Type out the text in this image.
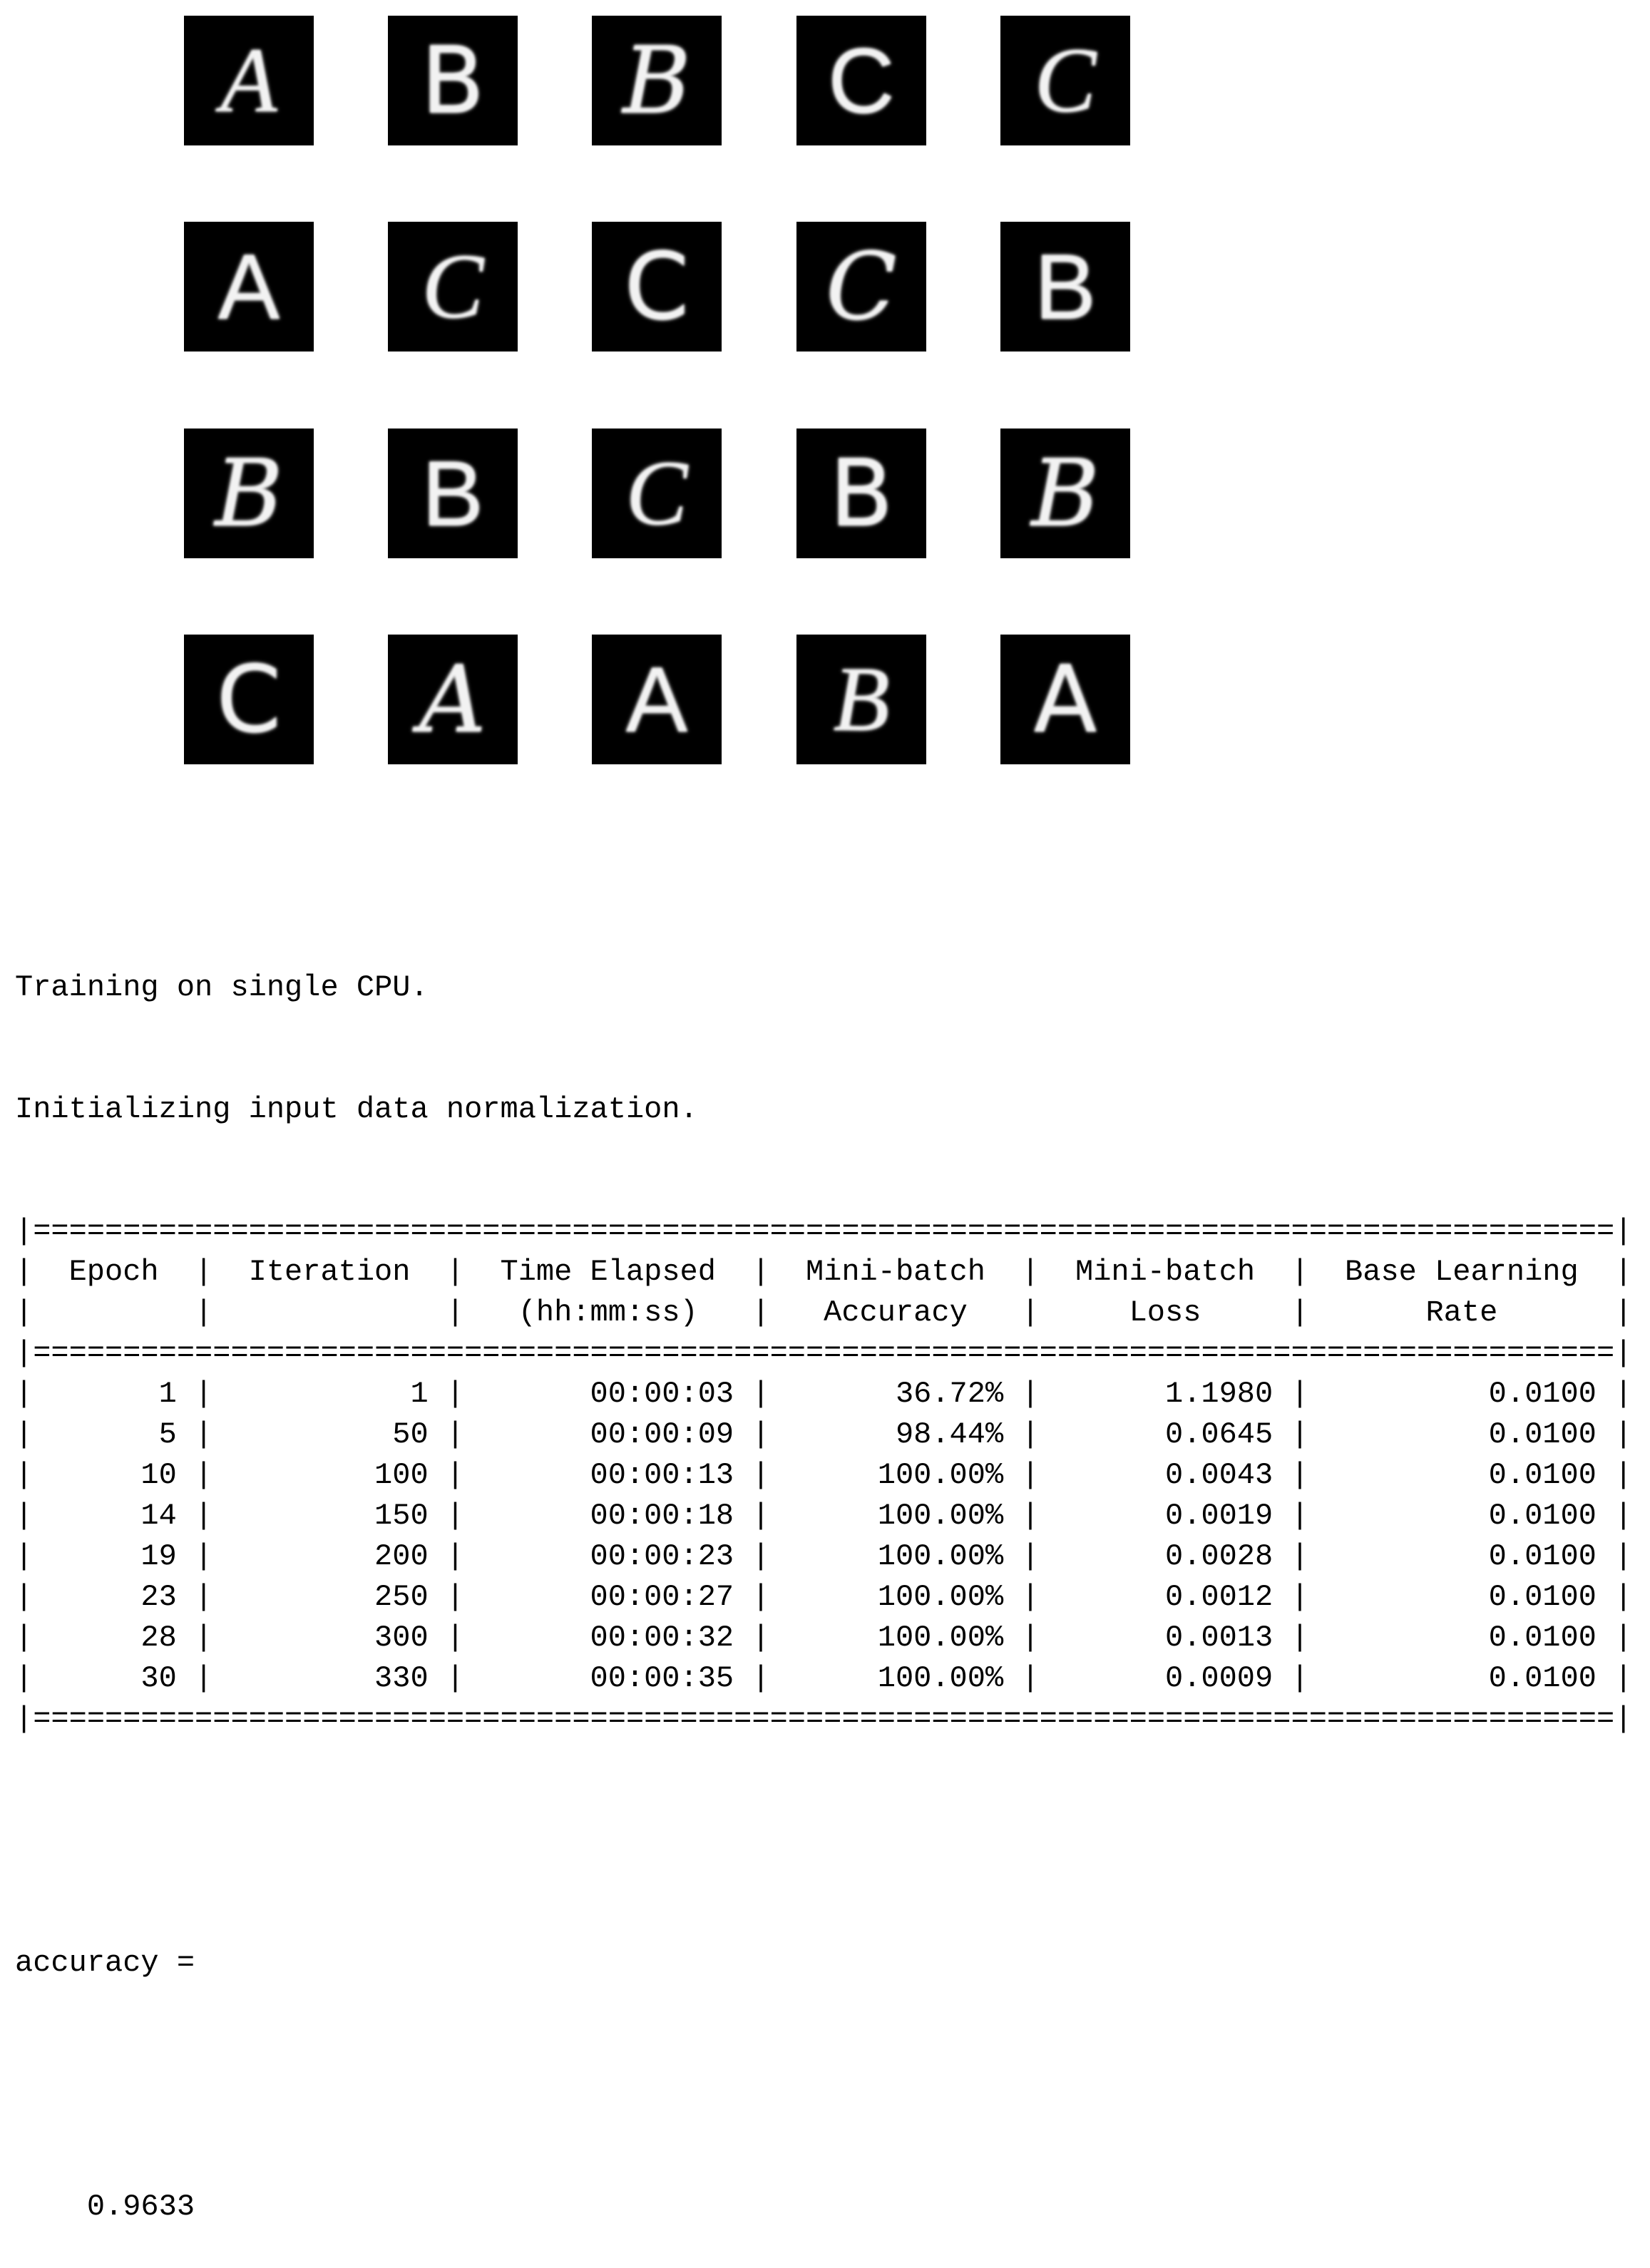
A B B C C
A C C C B
B B C B B
C A A B A

Training on single CPU.

Initializing input data normalization.

|========================================================================================|
|	Epoch	|	Iteration	|	Time Elapsed	|	Mini-batch	|	Mini-batch	|	Base Learning	|
|	|	|	(hh:mm:ss)	|	Accuracy	|	Loss	|	Rate	|
|========================================================================================|
|	1 |	1 |	00:00:03 |	36.72% |	1.1980 |	0.0100 |
|	5 |	50 |	00:00:09 |	98.44% |	0.0645 |	0.0100 |
|	10 |	100 |	00:00:13 |	100.00% |	0.0043 |	0.0100 |
|	14 |	150 |	00:00:18 |	100.00% |	0.0019 |	0.0100 |
|	19 |	200 |	00:00:23 |	100.00% |	0.0028 |	0.0100 |
|	23 |	250 |	00:00:27 |	100.00% |	0.0012 |	0.0100 |
|	28 |	300 |	00:00:32 |	100.00% |	0.0013 |	0.0100 |
|	30 |	330 |	00:00:35 |	100.00% |	0.0009 |	0.0100 |
|========================================================================================|

accuracy =

0.9633
